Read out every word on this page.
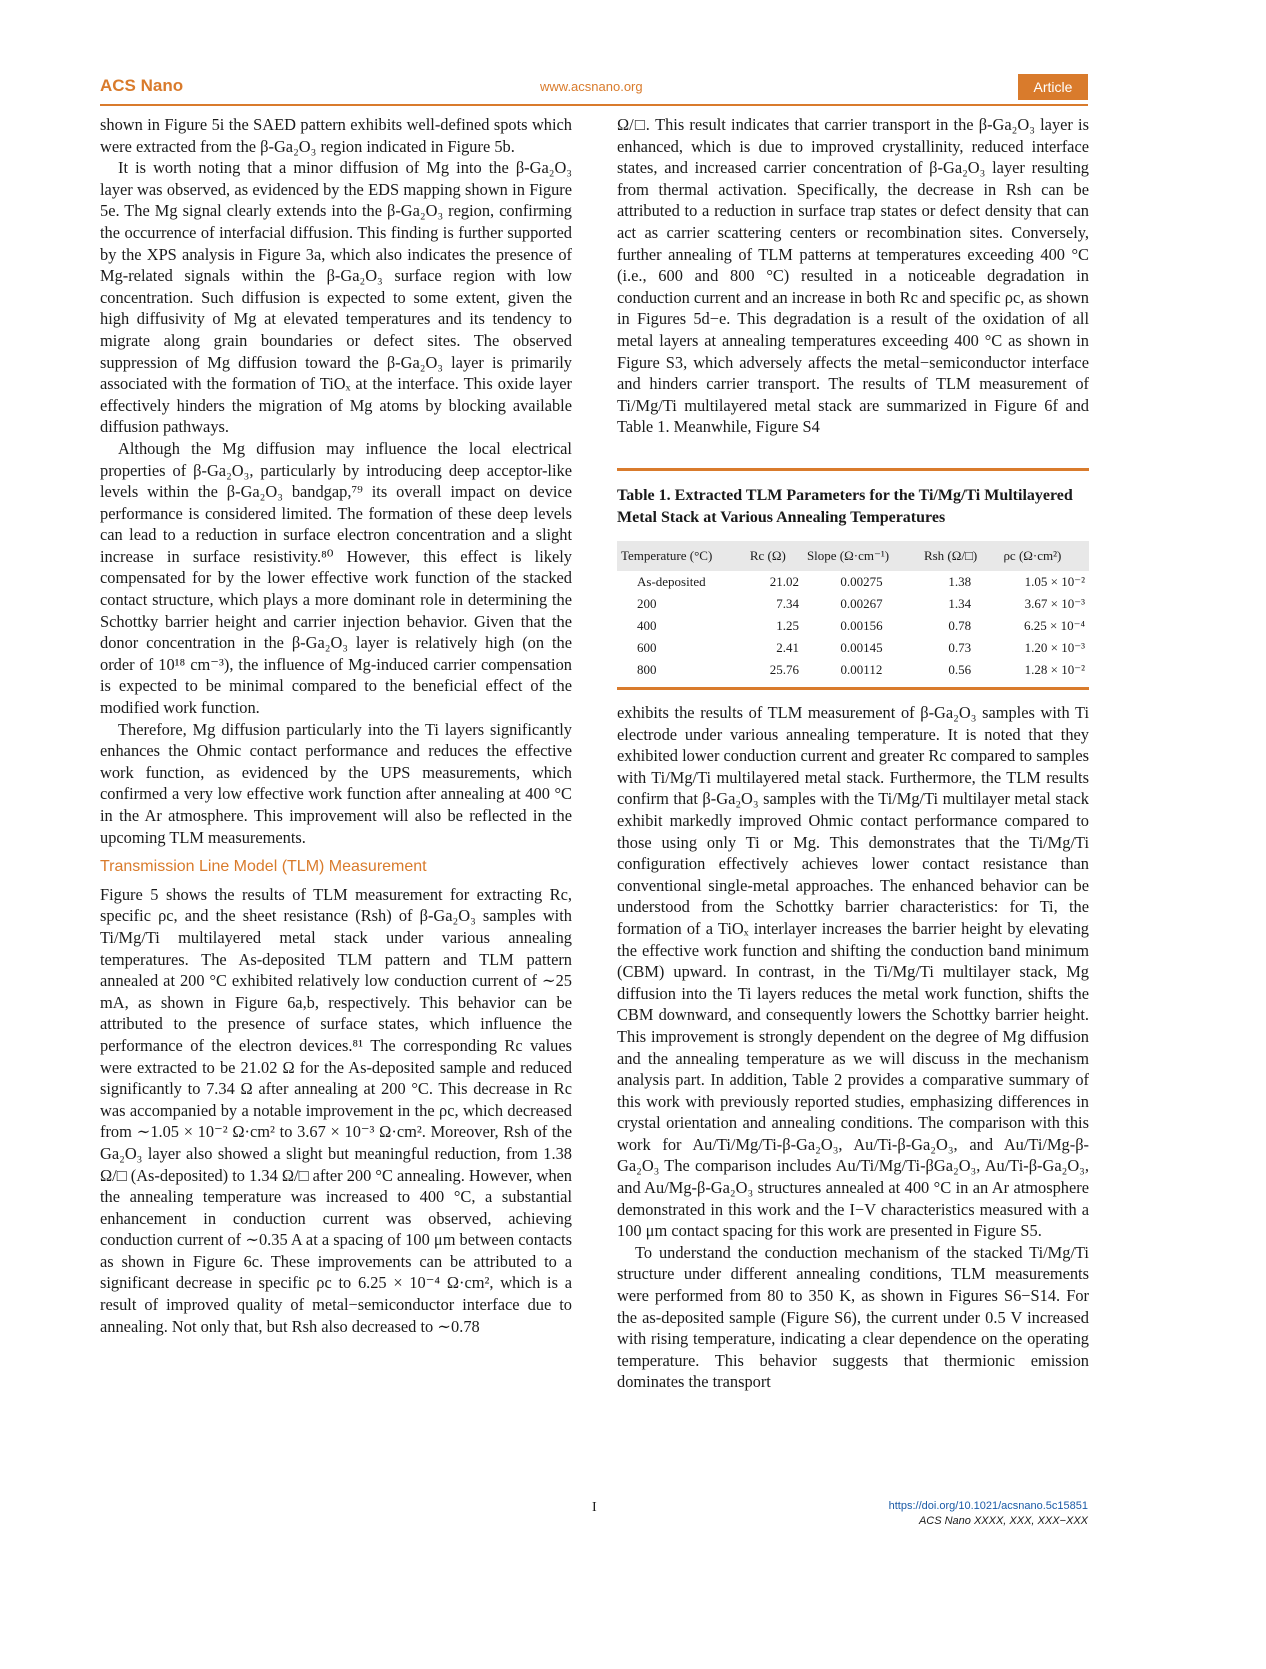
ACS Nano	www.acsnano.org	Article

shown in Figure 5i the SAED pattern exhibits well-defined spots which were extracted from the β-Ga₂O₃ region indicated in Figure 5b.

It is worth noting that a minor diffusion of Mg into the β-Ga₂O₃ layer was observed, as evidenced by the EDS mapping shown in Figure 5e. The Mg signal clearly extends into the β-Ga₂O₃ region, confirming the occurrence of interfacial diffusion. This finding is further supported by the XPS analysis in Figure 3a, which also indicates the presence of Mg-related signals within the β-Ga₂O₃ surface region with low concentration. Such diffusion is expected to some extent, given the high diffusivity of Mg at elevated temperatures and its tendency to migrate along grain boundaries or defect sites. The observed suppression of Mg diffusion toward the β-Ga₂O₃ layer is primarily associated with the formation of TiOₓ at the interface. This oxide layer effectively hinders the migration of Mg atoms by blocking available diffusion pathways.

Although the Mg diffusion may influence the local electrical properties of β-Ga₂O₃, particularly by introducing deep acceptor-like levels within the β-Ga₂O₃ bandgap,⁷⁹ its overall impact on device performance is considered limited. The formation of these deep levels can lead to a reduction in surface electron concentration and a slight increase in surface resistivity.⁸⁰ However, this effect is likely compensated for by the lower effective work function of the stacked contact structure, which plays a more dominant role in determining the Schottky barrier height and carrier injection behavior. Given that the donor concentration in the β-Ga₂O₃ layer is relatively high (on the order of 10¹⁸ cm⁻³), the influence of Mg-induced carrier compensation is expected to be minimal compared to the beneficial effect of the modified work function.

Therefore, Mg diffusion particularly into the Ti layers significantly enhances the Ohmic contact performance and reduces the effective work function, as evidenced by the UPS measurements, which confirmed a very low effective work function after annealing at 400 °C in the Ar atmosphere. This improvement will also be reflected in the upcoming TLM measurements.

Transmission Line Model (TLM) Measurement

Figure 5 shows the results of TLM measurement for extracting Rc, specific ρc, and the sheet resistance (Rsh) of β-Ga₂O₃ samples with Ti/Mg/Ti multilayered metal stack under various annealing temperatures. The As-deposited TLM pattern and TLM pattern annealed at 200 °C exhibited relatively low conduction current of ∼25 mA, as shown in Figure 6a,b, respectively. This behavior can be attributed to the presence of surface states, which influence the performance of the electron devices.⁸¹ The corresponding Rc values were extracted to be 21.02 Ω for the As-deposited sample and reduced significantly to 7.34 Ω after annealing at 200 °C. This decrease in Rc was accompanied by a notable improvement in the ρc, which decreased from ∼1.05 × 10⁻² Ω·cm² to 3.67 × 10⁻³ Ω·cm². Moreover, Rsh of the Ga₂O₃ layer also showed a slight but meaningful reduction, from 1.38 Ω/□ (As-deposited) to 1.34 Ω/□ after 200 °C annealing. However, when the annealing temperature was increased to 400 °C, a substantial enhancement in conduction current was observed, achieving conduction current of ∼0.35 A at a spacing of 100 μm between contacts as shown in Figure 6c. These improvements can be attributed to a significant decrease in specific ρc to 6.25 × 10⁻⁴ Ω·cm², which is a result of improved quality of metal−semiconductor interface due to annealing. Not only that, but Rsh also decreased to ∼0.78

Ω/□. This result indicates that carrier transport in the β-Ga₂O₃ layer is enhanced, which is due to improved crystallinity, reduced interface states, and increased carrier concentration of β-Ga₂O₃ layer resulting from thermal activation. Specifically, the decrease in Rsh can be attributed to a reduction in surface trap states or defect density that can act as carrier scattering centers or recombination sites. Conversely, further annealing of TLM patterns at temperatures exceeding 400 °C (i.e., 600 and 800 °C) resulted in a noticeable degradation in conduction current and an increase in both Rc and specific ρc, as shown in Figures 5d−e. This degradation is a result of the oxidation of all metal layers at annealing temperatures exceeding 400 °C as shown in Figure S3, which adversely affects the metal−semiconductor interface and hinders carrier transport. The results of TLM measurement of Ti/Mg/Ti multilayered metal stack are summarized in Figure 6f and Table 1. Meanwhile, Figure S4

Table 1. Extracted TLM Parameters for the Ti/Mg/Ti Multilayered Metal Stack at Various Annealing Temperatures
Temperature (°C)	Rc (Ω)	Slope (Ω·cm⁻¹)	Rsh (Ω/□)	ρc (Ω·cm²)
As-deposited	21.02	0.00275	1.38	1.05 × 10⁻²
200	7.34	0.00267	1.34	3.67 × 10⁻³
400	1.25	0.00156	0.78	6.25 × 10⁻⁴
600	2.41	0.00145	0.73	1.20 × 10⁻³
800	25.76	0.00112	0.56	1.28 × 10⁻²

exhibits the results of TLM measurement of β-Ga₂O₃ samples with Ti electrode under various annealing temperature. It is noted that they exhibited lower conduction current and greater Rc compared to samples with Ti/Mg/Ti multilayered metal stack. Furthermore, the TLM results confirm that β-Ga₂O₃ samples with the Ti/Mg/Ti multilayer metal stack exhibit markedly improved Ohmic contact performance compared to those using only Ti or Mg. This demonstrates that the Ti/Mg/Ti configuration effectively achieves lower contact resistance than conventional single-metal approaches. The enhanced behavior can be understood from the Schottky barrier characteristics: for Ti, the formation of a TiOₓ interlayer increases the barrier height by elevating the effective work function and shifting the conduction band minimum (CBM) upward. In contrast, in the Ti/Mg/Ti multilayer stack, Mg diffusion into the Ti layers reduces the metal work function, shifts the CBM downward, and consequently lowers the Schottky barrier height. This improvement is strongly dependent on the degree of Mg diffusion and the annealing temperature as we will discuss in the mechanism analysis part. In addition, Table 2 provides a comparative summary of this work with previously reported studies, emphasizing differences in crystal orientation and annealing conditions. The comparison with this work for Au/Ti/Mg/Ti-β-Ga₂O₃, Au/Ti-β-Ga₂O₃, and Au/Ti/Mg-β-Ga₂O₃ The comparison includes Au/Ti/Mg/Ti-βGa₂O₃, Au/Ti-β-Ga₂O₃, and Au/Mg-β-Ga₂O₃ structures annealed at 400 °C in an Ar atmosphere demonstrated in this work and the I−V characteristics measured with a 100 μm contact spacing for this work are presented in Figure S5.

To understand the conduction mechanism of the stacked Ti/Mg/Ti structure under different annealing conditions, TLM measurements were performed from 80 to 350 K, as shown in Figures S6−S14. For the as-deposited sample (Figure S6), the current under 0.5 V increased with rising temperature, indicating a clear dependence on the operating temperature. This behavior suggests that thermionic emission dominates the transport

I	https://doi.org/10.1021/acsnano.5c15851
ACS Nano XXXX, XXX, XXX−XXX
